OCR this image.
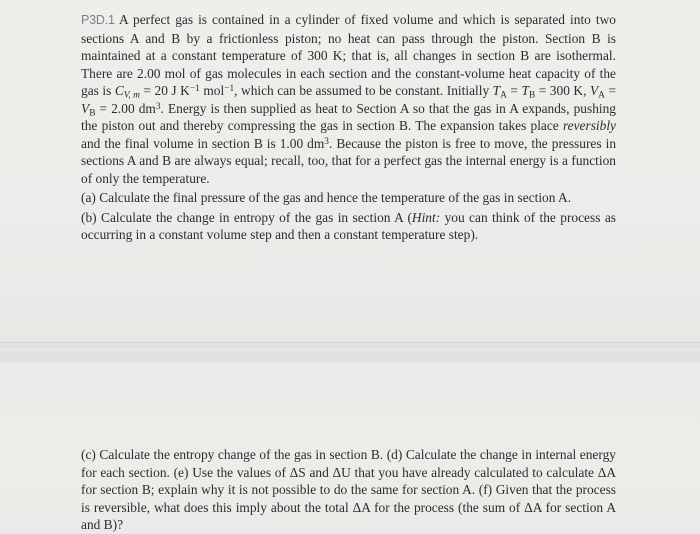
P3D.1 A perfect gas is contained in a cylinder of fixed volume and which is separated into two sections A and B by a frictionless piston; no heat can pass through the piston. Section B is maintained at a constant temperature of 300 K; that is, all changes in section B are isothermal. There are 2.00 mol of gas molecules in each section and the constant-volume heat capacity of the gas is $C_{V, m} = 20$ J $K^{-1}$ mol$^{-1}$, which can be assumed to be constant. Initially $T_A = T_B = 300$ K, $V_A = V_B = 2.00$ $dm^3$. Energy is then supplied as heat to Section A so that the gas in A expands, pushing the piston out and thereby compressing the gas in section B. The expansion takes place reversibly and the final volume in section B is 1.00 $dm^3$. Because the piston is free to move, the pressures in sections A and B are always equal; recall, too, that for a perfect gas the internal energy is a function of only the temperature.

(a) Calculate the final pressure of the gas and hence the temperature of the gas in section A.

(b) Calculate the change in entropy of the gas in section A (Hint: you can think of the process as occurring in a constant volume step and then a constant temperature step).

(c) Calculate the entropy change of the gas in section B. (d) Calculate the change in internal energy for each section. (e) Use the values of ΔS and ΔU that you have already calculated to calculate ΔA for section B; explain why it is not possible to do the same for section A. (f) Given that the process is reversible, what does this imply about the total ΔA for the process (the sum of ΔA for section A and B)?
